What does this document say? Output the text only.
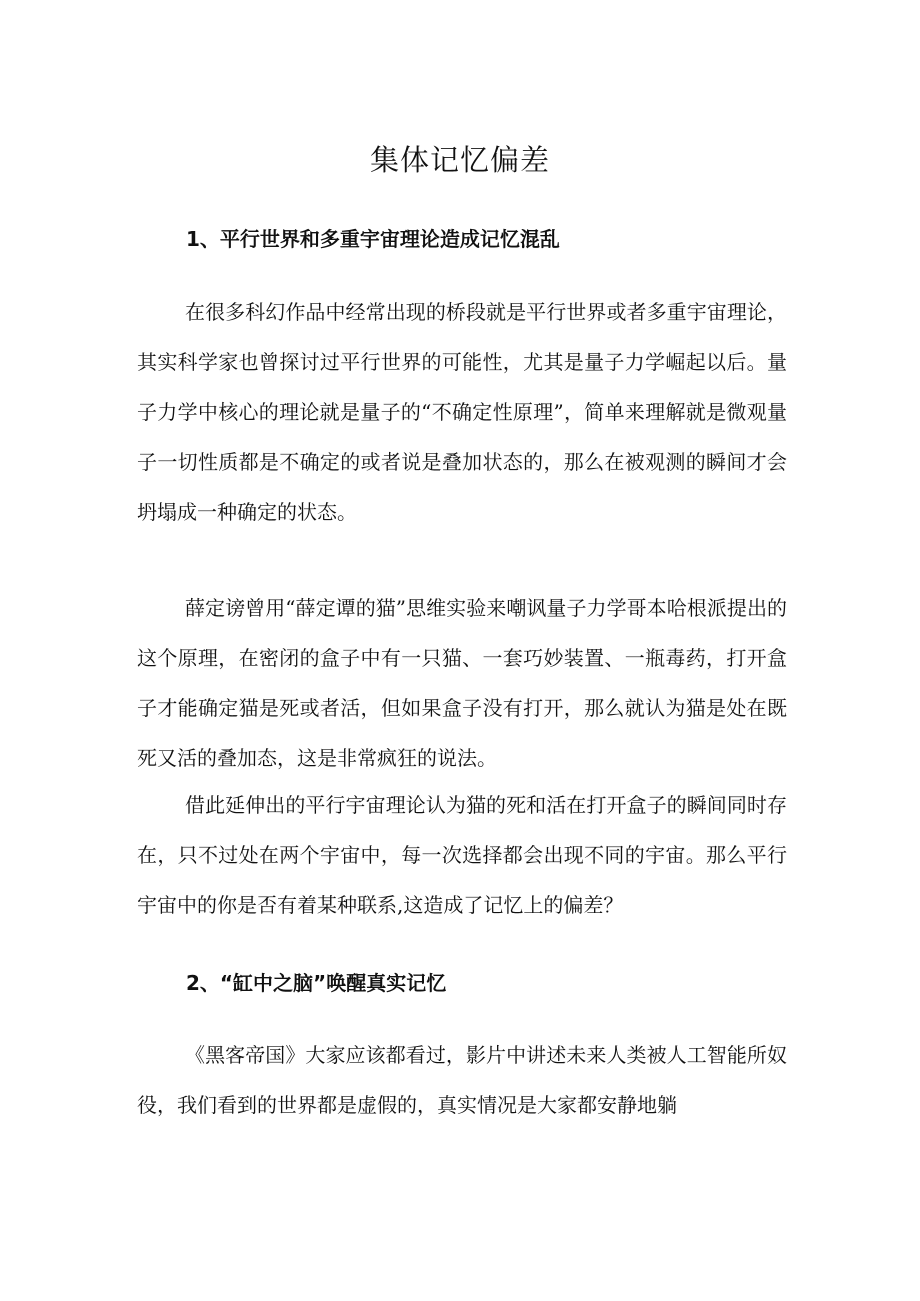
集体记忆偏差
1、平行世界和多重宇宙理论造成记忆混乱

在很多科幻作品中经常出现的桥段就是平行世界或者多重宇宙理论，其实科学家也曾探讨过平行世界的可能性，尤其是量子力学崛起以后。量子力学中核心的理论就是量子的“不确定性原理”，简单来理解就是微观量子一切性质都是不确定的或者说是叠加状态的，那么在被观测的瞬间才会坍塌成一种确定的状态。

薛定谤曾用“薛定谭的猫”思维实验来嘲讽量子力学哥本哈根派提出的这个原理，在密闭的盒子中有一只猫、一套巧妙装置、一瓶毒药，打开盒子才能确定猫是死或者活，但如果盒子没有打开，那么就认为猫是处在既死又活的叠加态，这是非常疯狂的说法。

借此延伸出的平行宇宙理论认为猫的死和活在打开盒子的瞬间同时存在，只不过处在两个宇宙中，每一次选择都会出现不同的宇宙。那么平行宇宙中的你是否有着某种联系,这造成了记忆上的偏差？

2、“缸中之脑”唤醒真实记忆

《黑客帝国》大家应该都看过，影片中讲述未来人类被人工智能所奴役，我们看到的世界都是虚假的，真实情况是大家都安静地躺
